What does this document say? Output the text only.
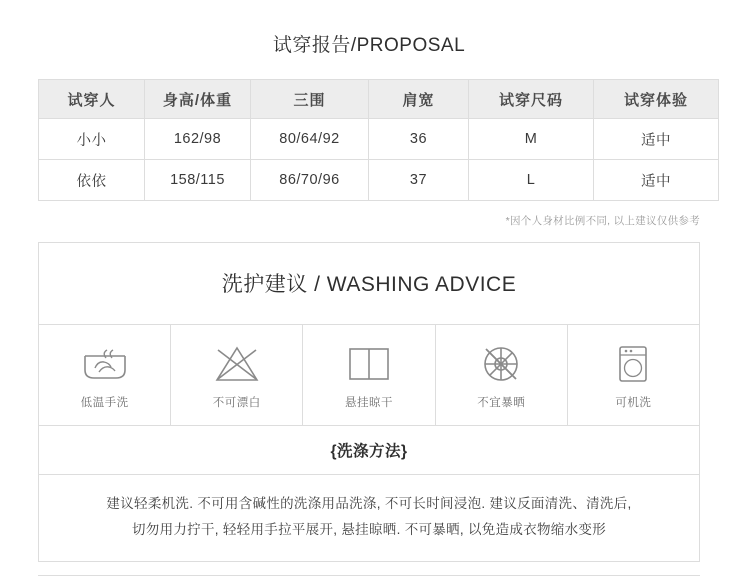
试穿报告/PROPOSAL
试穿人	身高/体重	三围	肩宽	试穿尺码	试穿体验
小小	162/98	80/64/92	36	M	适中
依依	158/115	86/70/96	37	L	适中
*因个人身材比例不同, 以上建议仅供参考
洗护建议 / WASHING ADVICE
低温手洗	不可漂白	悬挂晾干	不宜暴晒	可机洗
{洗涤方法}
建议轻柔机洗. 不可用含碱性的洗涤用品洗涤, 不可长时间浸泡. 建议反面清洗、清洗后,
切勿用力拧干, 轻轻用手拉平展开, 悬挂晾晒. 不可暴晒, 以免造成衣物缩水变形
